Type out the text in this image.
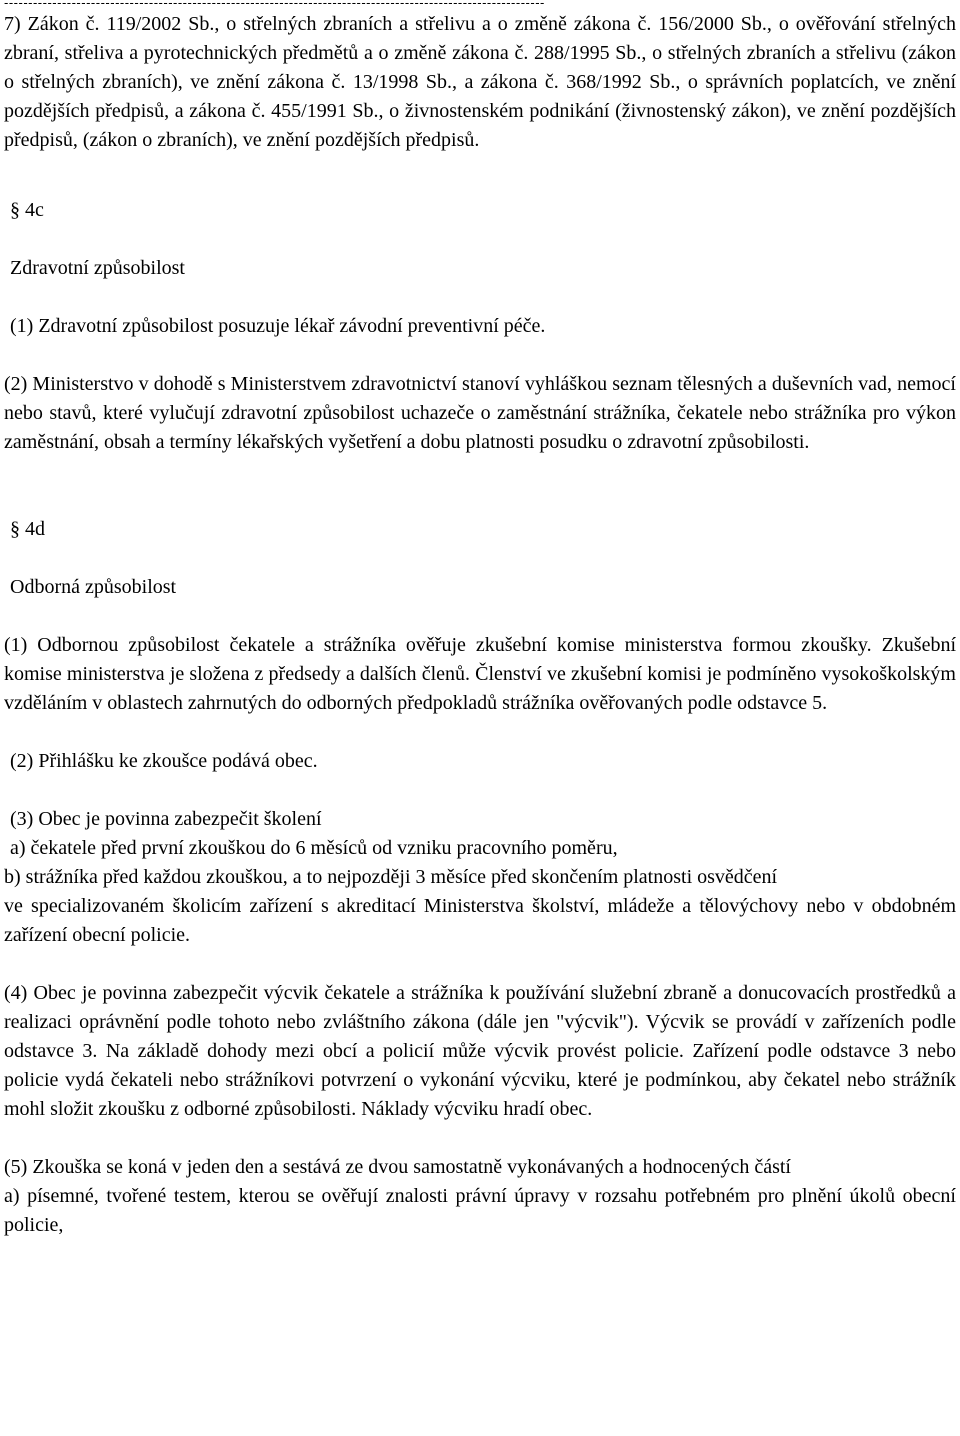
----------------------------------------------------------------------------------------------------------------

7) Zákon č. 119/2002 Sb., o střelných zbraních a střelivu a o změně zákona č. 156/2000 Sb., o ověřování střelných zbraní, střeliva a pyrotechnických předmětů a o změně zákona č. 288/1995 Sb., o střelných zbraních a střelivu (zákon o střelných zbraních), ve znění zákona č. 13/1998 Sb., a zákona č. 368/1992 Sb., o správních poplatcích, ve znění pozdějších předpisů, a zákona č. 455/1991 Sb., o živnostenském podnikání (živnostenský zákon), ve znění pozdějších předpisů, (zákon o zbraních), ve znění pozdějších předpisů.

§ 4c

Zdravotní způsobilost

(1) Zdravotní způsobilost posuzuje lékař závodní preventivní péče.

(2) Ministerstvo v dohodě s Ministerstvem zdravotnictví stanoví vyhláškou seznam tělesných a duševních vad, nemocí nebo stavů, které vylučují zdravotní způsobilost uchazeče o zaměstnání strážníka, čekatele nebo strážníka pro výkon zaměstnání, obsah a termíny lékařských vyšetření a dobu platnosti posudku o zdravotní způsobilosti.

§ 4d

Odborná způsobilost

(1) Odbornou způsobilost čekatele a strážníka ověřuje zkušební komise ministerstva formou zkoušky. Zkušební komise ministerstva je složena z předsedy a dalších členů. Členství ve zkušební komisi je podmíněno vysokoškolským vzděláním v oblastech zahrnutých do odborných předpokladů strážníka ověřovaných podle odstavce 5.

(2) Přihlášku ke zkoušce podává obec.

(3) Obec je povinna zabezpečit školení

a) čekatele před první zkouškou do 6 měsíců od vzniku pracovního poměru,

b) strážníka před každou zkouškou, a to nejpozději 3 měsíce před skončením platnosti osvědčení

ve specializovaném školicím zařízení s akreditací Ministerstva školství, mládeže a tělovýchovy nebo v obdobném zařízení obecní policie.

(4) Obec je povinna zabezpečit výcvik čekatele a strážníka k používání služební zbraně a donucovacích prostředků a realizaci oprávnění podle tohoto nebo zvláštního zákona (dále jen "výcvik"). Výcvik se provádí v zařízeních podle odstavce 3. Na základě dohody mezi obcí a policií může výcvik provést policie. Zařízení podle odstavce 3 nebo policie vydá čekateli nebo strážníkovi potvrzení o vykonání výcviku, které je podmínkou, aby čekatel nebo strážník mohl složit zkoušku z odborné způsobilosti. Náklady výcviku hradí obec.

(5) Zkouška se koná v jeden den a sestává ze dvou samostatně vykonávaných a hodnocených částí

a) písemné, tvořené testem, kterou se ověřují znalosti právní úpravy v rozsahu potřebném pro plnění úkolů obecní policie,
